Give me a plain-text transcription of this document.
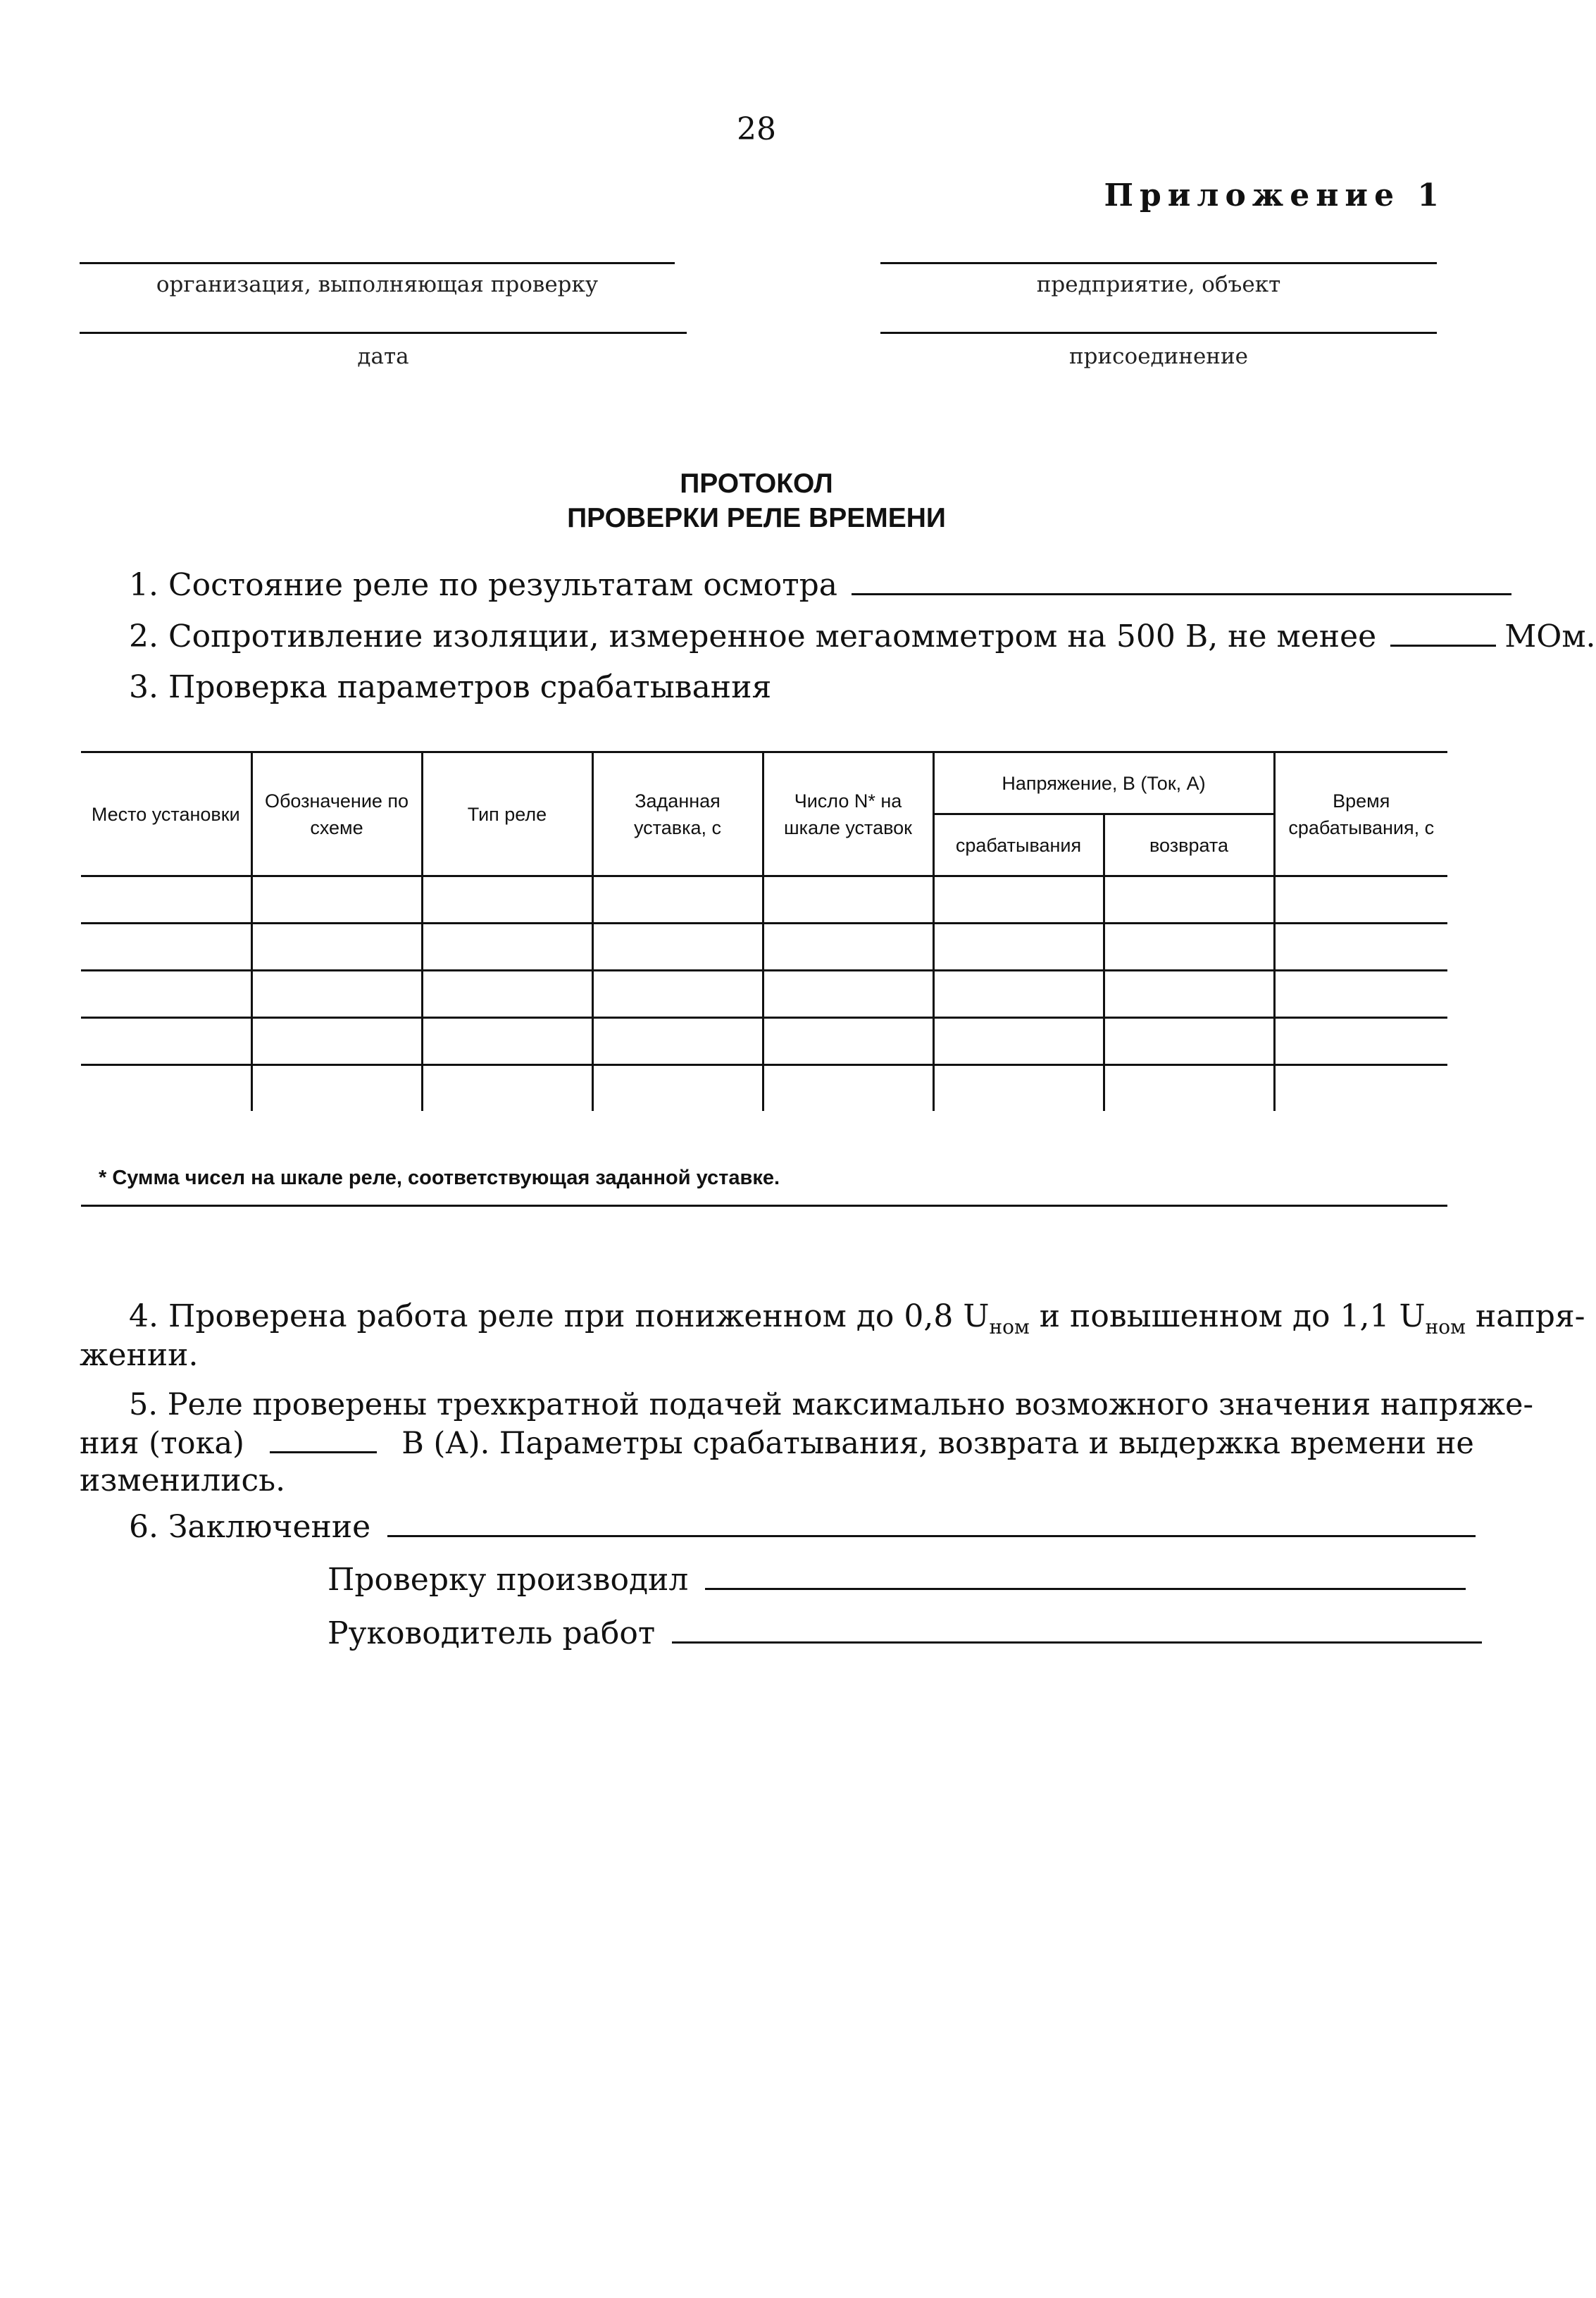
28
Приложение 1
организация, выполняющая проверку	предприятие, объект
дата	присоединение
ПРОТОКОЛ
ПРОВЕРКИ РЕЛЕ ВРЕМЕНИ
1. Состояние реле по результатам осмотра
2. Сопротивление изоляции, измеренное мегаомметром на 500 В, не менее	МОм.
3. Проверка параметров срабатывания
Место установки	Обозначение по схеме	Тип реле	Заданная уставка, с	Число N* на шкале уставок	Напряжение, В (Ток, А)		Время срабатывания, с
					срабатывания	возврата	

* Сумма чисел на шкале реле, соответствующая заданной уставке.
4. Проверена работа реле при пониженном до 0,8 $U_{ном}$ и повышенном до 1,1 $U_{ном}$ напря-
жении.
5. Реле проверены трехкратной подачей максимально возможного значения напряже-
ния (тока)	В (А). Параметры срабатывания, возврата и выдержка времени не
изменились.
6. Заключение
Проверку производил
Руководитель работ
